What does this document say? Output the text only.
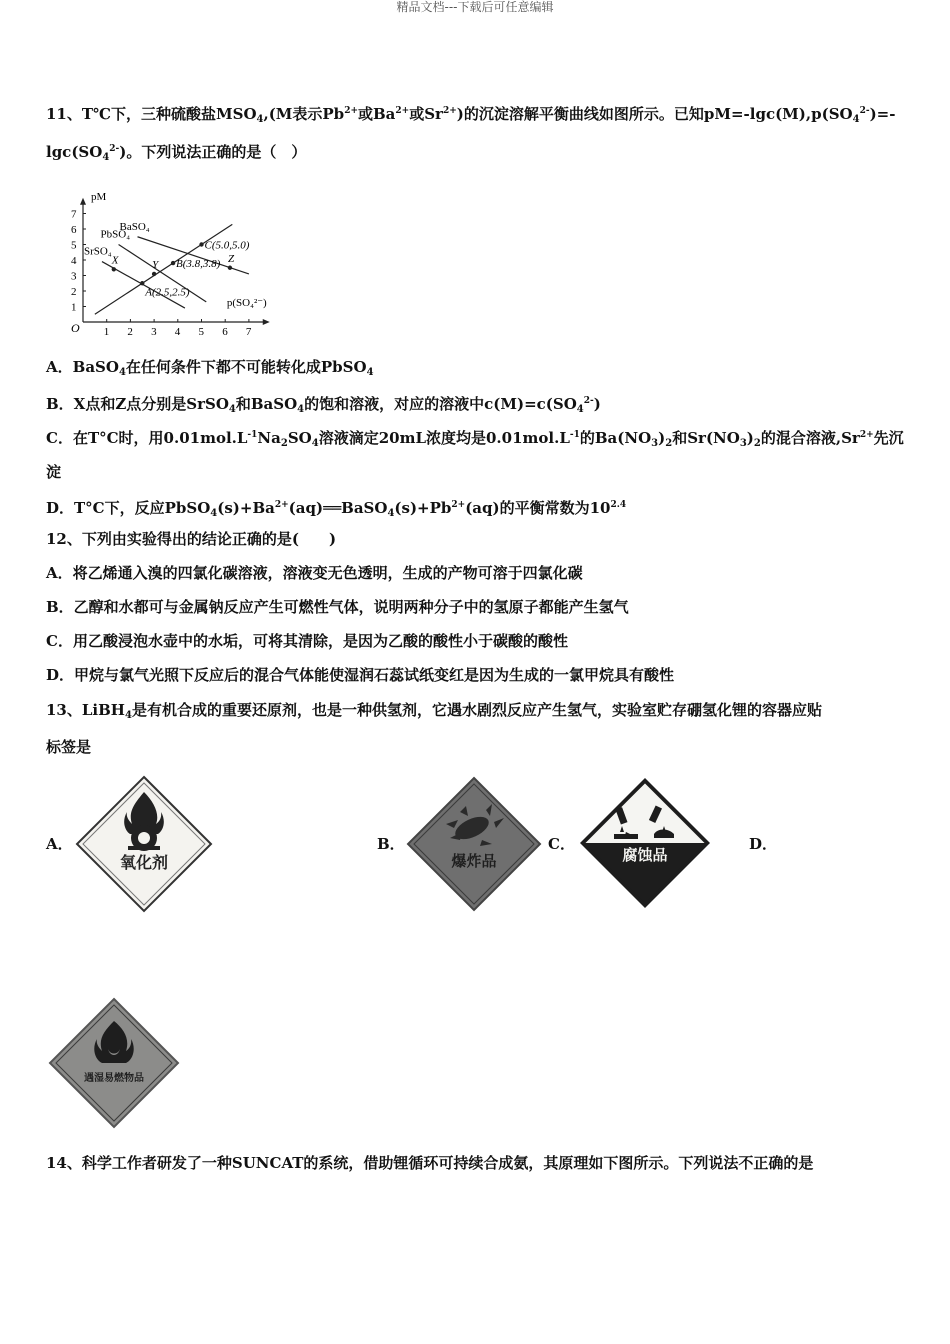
精品文档---下载后可任意编辑
11、T℃下，三种硫酸盐$MSO_4,(M$表示$Pb^{2+}$或$Ba^{2+}$或$Sr^{2+}$)的沉淀溶解平衡曲线如图所示。已知$pM=-\lg c(M),p(SO_4^{2-})=-$
$\lg c(SO_4^{2-})$。下列说法正确的是（　）
O
pM
p(SO₄²⁻)
1 2 3 4 5 6 7
1
2
3
4
5
6
7
BaSO₄
PbSO₄
SrSO₄
X	Y
Z
A(2.5,2.5)
B(3.8,3.8)
C(5.0,5.0)
A．BaSO$_4$在任何条件下都不可能转化成PbSO$_4$
B．X点和Z点分别是SrSO$_4$和BaSO$_4$的饱和溶液，对应的溶液中$c(M)=c(SO_4^{2-})$
C．在T°C时，用$0.01mol.L^{-1}Na_2SO_4$溶液滴定20mL浓度均是$0.01mol.L^{-1}$的$Ba(NO_3)_2$和$Sr(NO_3)_2$的混合溶液$,Sr^{2+}$先沉
淀
D．T°C下，反应$PbSO_4(s)+Ba^{2+}(aq)══BaSO_4(s)+Pb^{2+}(aq)$的平衡常数为$10^{2.4}$
12、下列由实验得出的结论正确的是(　　)
A．将乙烯通入溴的四氯化碳溶液，溶液变无色透明，生成的产物可溶于四氯化碳
B．乙醇和水都可与金属钠反应产生可燃性气体，说明两种分子中的氢原子都能产生氢气
C．用乙酸浸泡水壶中的水垢，可将其清除，是因为乙酸的酸性小于碳酸的酸性
D．甲烷与氯气光照下反应后的混合气体能使湿润石蕊试纸变红是因为生成的一氯甲烷具有酸性
13、LiBH$_4$是有机合成的重要还原剂，也是一种供氢剂，它遇水剧烈反应产生氢气，实验室贮存硼氢化锂的容器应贴
标签是
A．	B．	C．	D．
氧化剂	爆炸品	腐蚀品
遇湿易燃物品
14、科学工作者研发了一种SUNCAT的系统，借助锂循环可持续合成氨，其原理如下图所示。下列说法不正确的是
